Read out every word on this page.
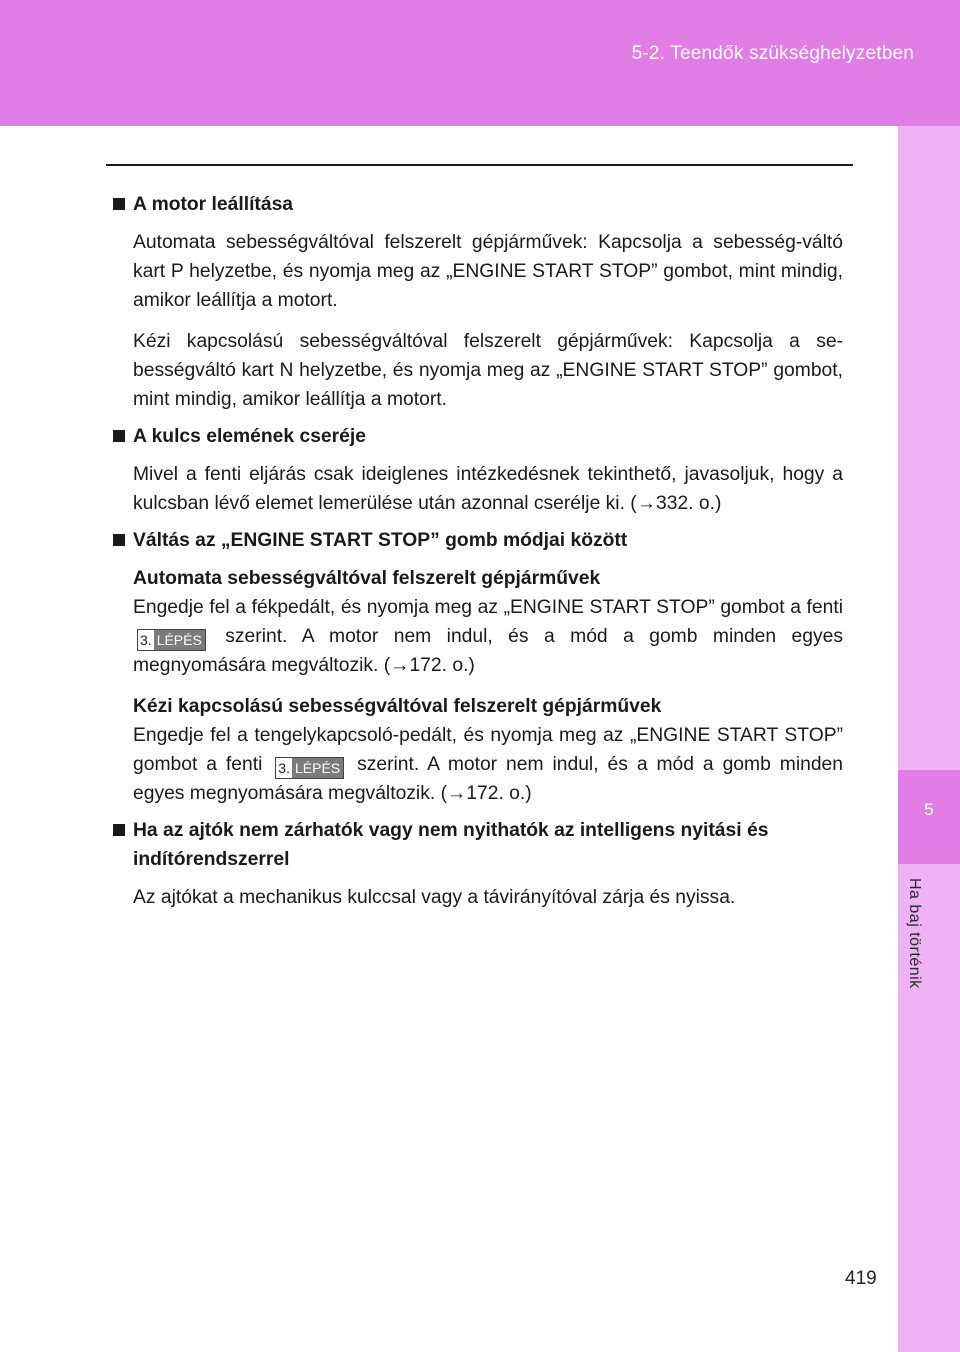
5-2. Teendők szükséghelyzetben
5
Ha baj történik
A motor leállítása

Automata sebességváltóval felszerelt gépjárművek: Kapcsolja a sebesség-váltó kart P helyzetbe, és nyomja meg az „ENGINE START STOP” gombot, mint mindig, amikor leállítja a motort.

Kézi kapcsolású sebességváltóval felszerelt gépjárművek: Kapcsolja a se-bességváltó kart N helyzetbe, és nyomja meg az „ENGINE START STOP” gombot, mint mindig, amikor leállítja a motort.

A kulcs elemének cseréje

Mivel a fenti eljárás csak ideiglenes intézkedésnek tekinthető, javasoljuk, hogy a kulcsban lévő elemet lemerülése után azonnal cserélje ki. (→332. o.)

Váltás az „ENGINE START STOP” gomb módjai között

Automata sebességváltóval felszerelt gépjárművek
Engedje fel a fékpedált, és nyomja meg az „ENGINE START STOP” gombot a fenti
3. LÉPÉS szerint. A motor nem indul, és a mód a gomb minden egyes megnyomására megváltozik. (→172. o.)

Kézi kapcsolású sebességváltóval felszerelt gépjárművek
Engedje fel a tengelykapcsoló-pedált, és nyomja meg az „ENGINE START STOP” gombot a fenti 3. LÉPÉS szerint. A motor nem indul, és a mód a gomb minden egyes megnyomására megváltozik. (→172. o.)

Ha az ajtók nem zárhatók vagy nem nyithatók az intelligens nyitási és indítórendszerrel

Az ajtókat a mechanikus kulccsal vagy a távirányítóval zárja és nyissa.

419
